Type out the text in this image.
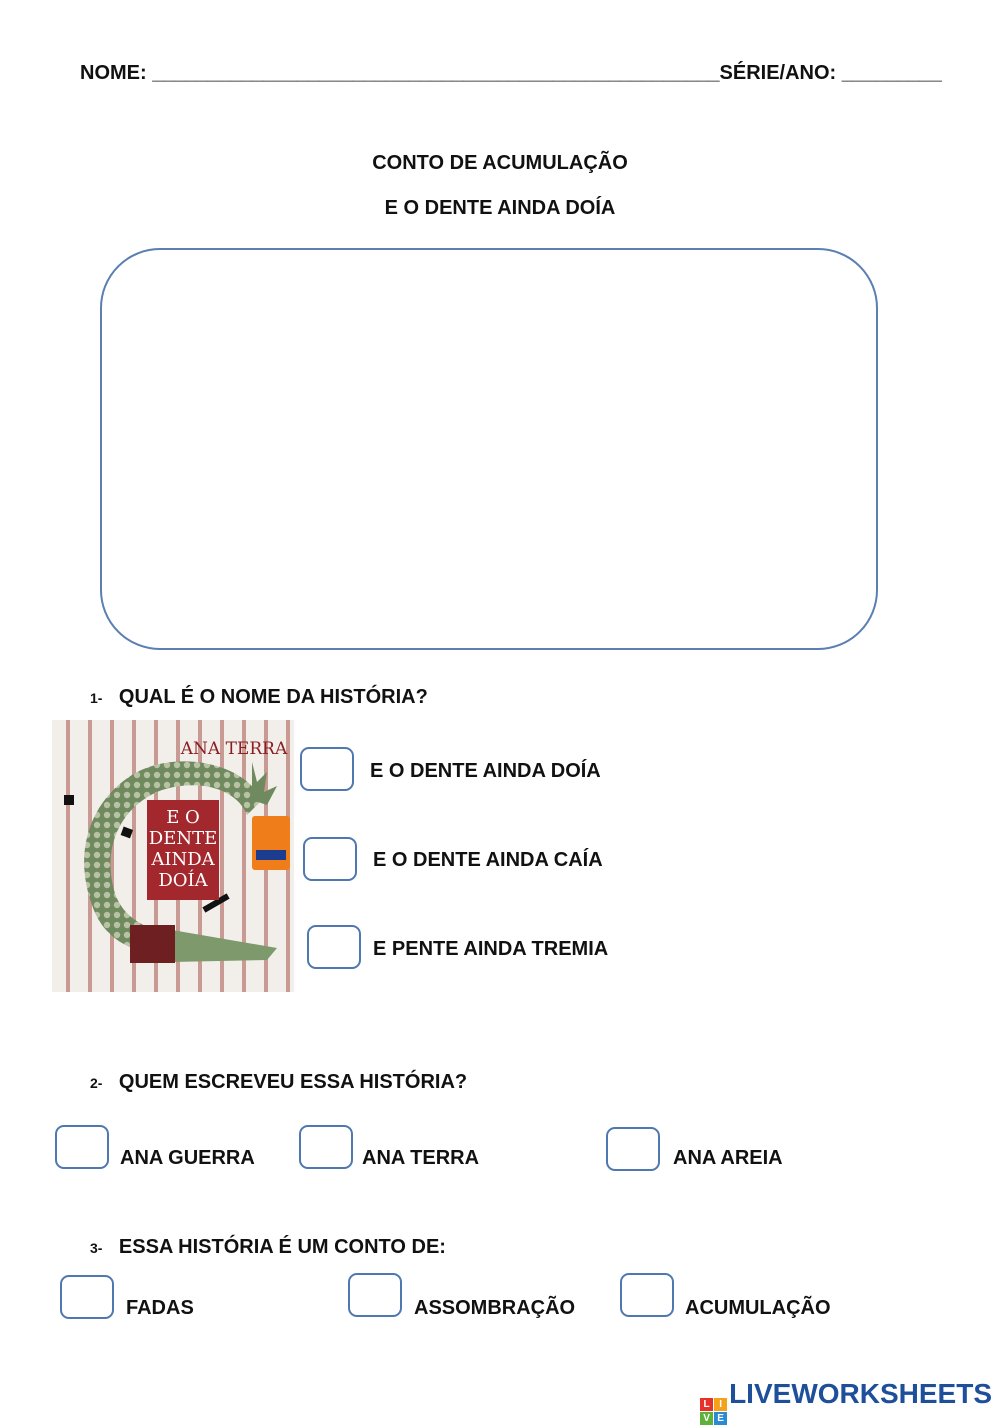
NOME: ___________________________________________________SÉRIE/ANO: _________
CONTO DE ACUMULAÇÃO
E O DENTE AINDA DOÍA
1- QUAL É O NOME DA HISTÓRIA?
E O
DENTE
AINDA
DOÍA
ANA TERRA
E O DENTE AINDA DOÍA
E O DENTE AINDA CAÍA
E PENTE AINDA TREMIA
2- QUEM ESCREVEU ESSA HISTÓRIA?
ANA GUERRA	ANA TERRA	ANA AREIA
3- ESSA HISTÓRIA É UM CONTO DE:
FADAS	ASSOMBRAÇÃO	ACUMULAÇÃO
L I
V E
LIVEWORKSHEETS
